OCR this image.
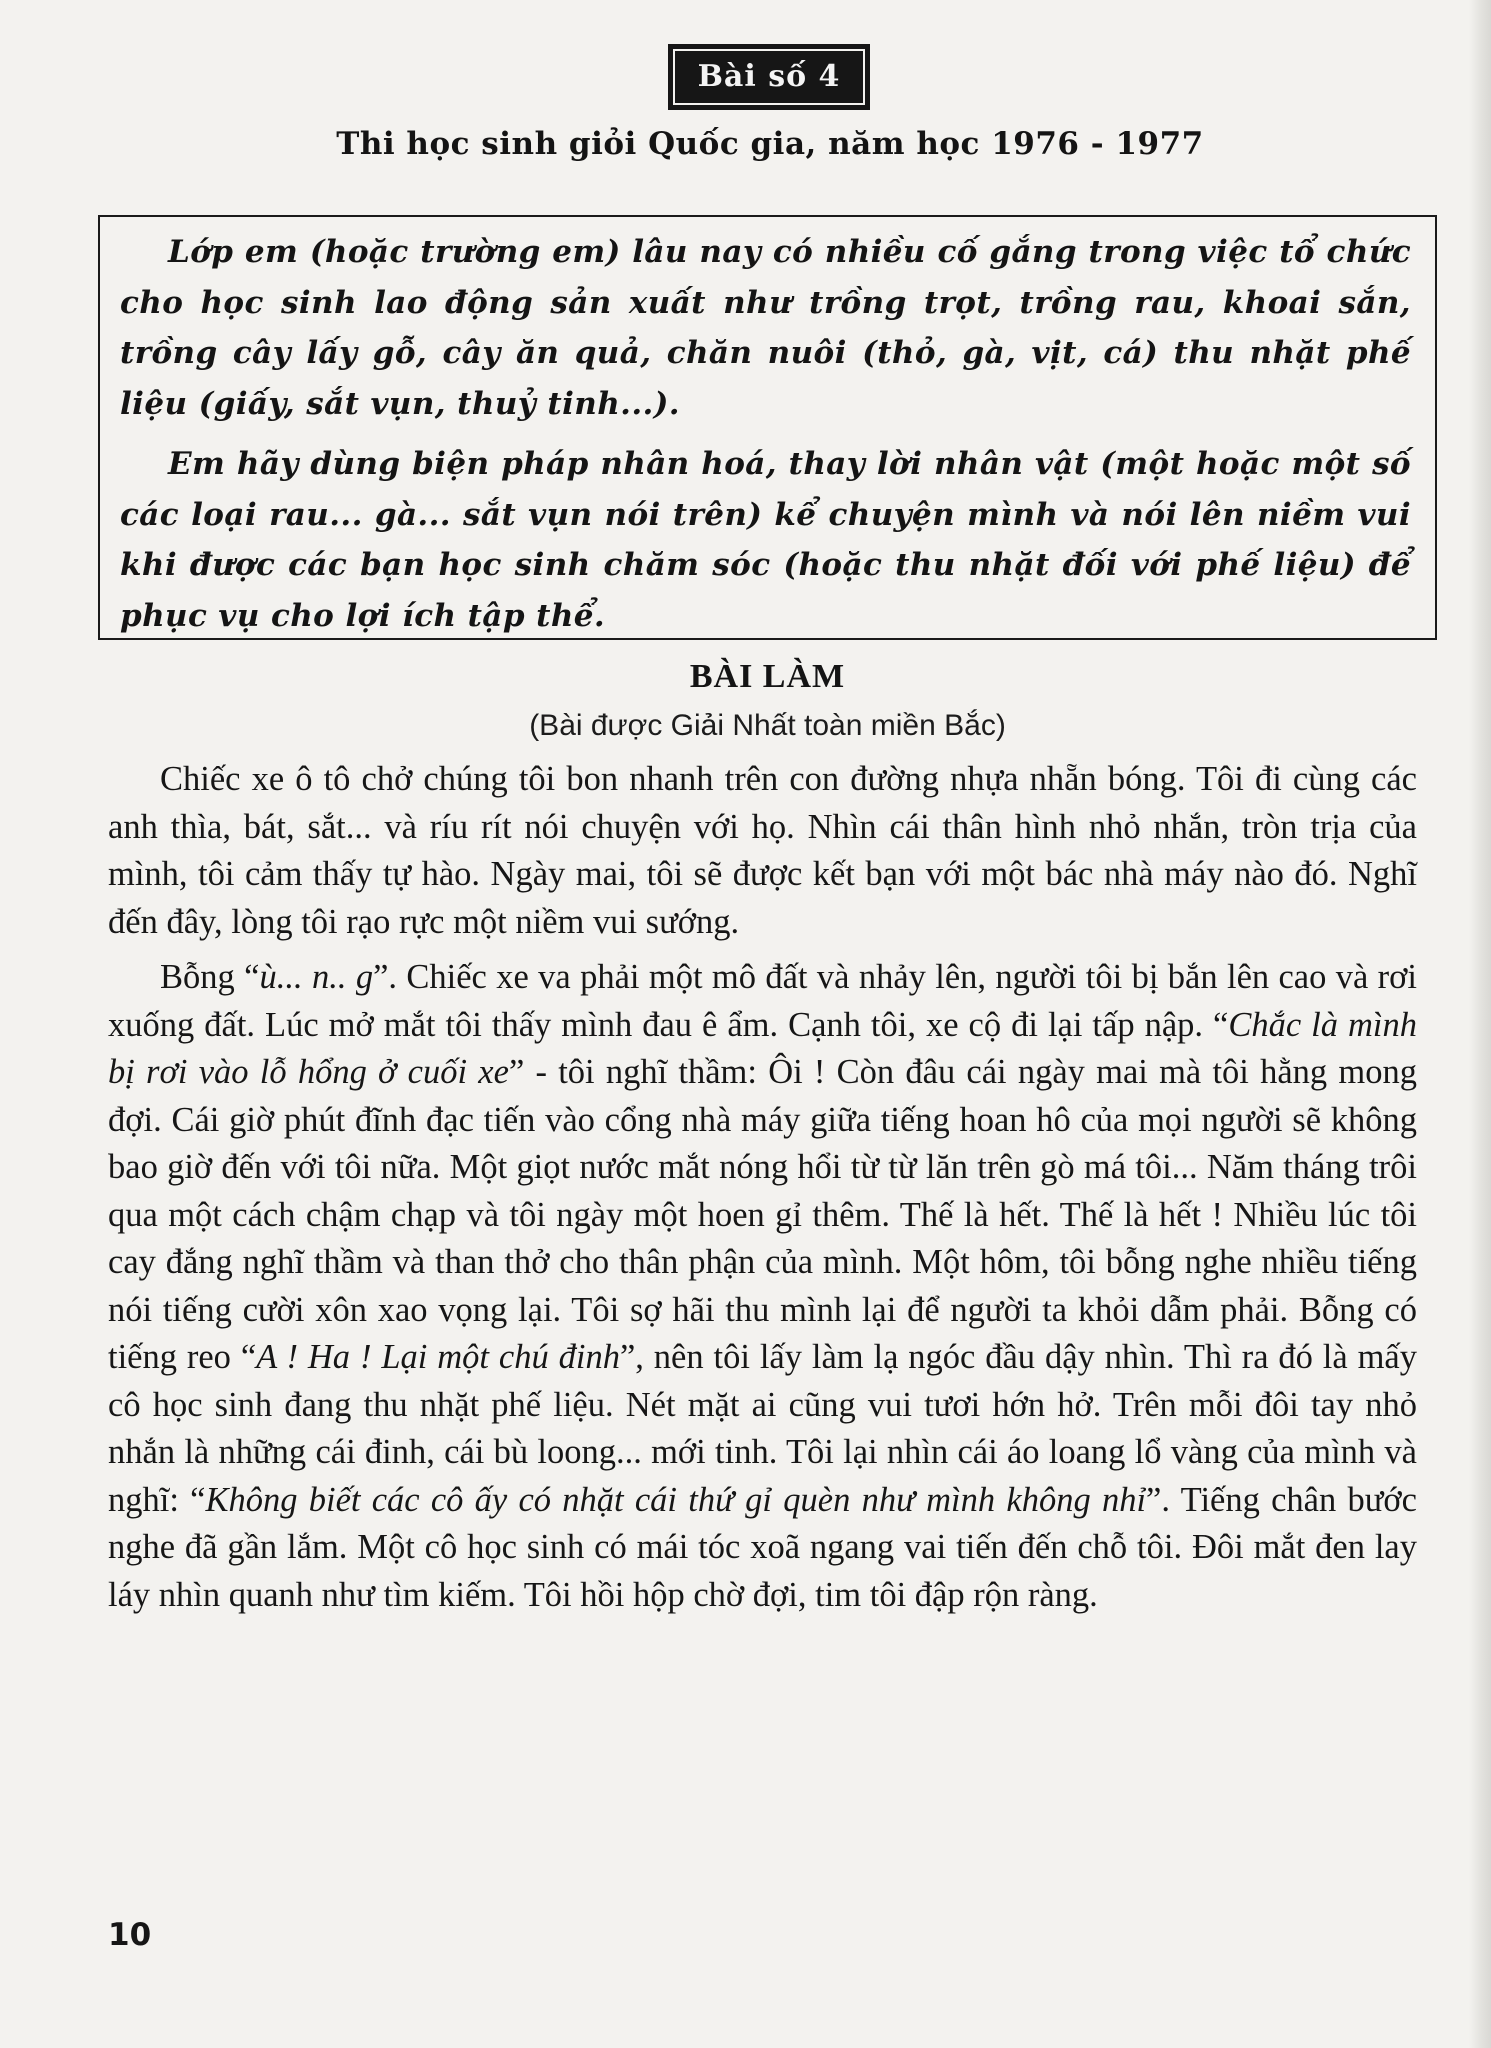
Bài số 4
Thi học sinh giỏi Quốc gia, năm học 1976 - 1977

Lớp em (hoặc trường em) lâu nay có nhiều cố gắng trong việc tổ chức cho học sinh lao động sản xuất như trồng trọt, trồng rau, khoai sắn, trồng cây lấy gỗ, cây ăn quả, chăn nuôi (thỏ, gà, vịt, cá) thu nhặt phế liệu (giấy, sắt vụn, thuỷ tinh...).

Em hãy dùng biện pháp nhân hoá, thay lời nhân vật (một hoặc một số các loại rau... gà... sắt vụn nói trên) kể chuyện mình và nói lên niềm vui khi được các bạn học sinh chăm sóc (hoặc thu nhặt đối với phế liệu) để phục vụ cho lợi ích tập thể.

BÀI LÀM
(Bài được Giải Nhất toàn miền Bắc)

Chiếc xe ô tô chở chúng tôi bon nhanh trên con đường nhựa nhẵn bóng. Tôi đi cùng các anh thìa, bát, sắt... và ríu rít nói chuyện với họ. Nhìn cái thân hình nhỏ nhắn, tròn trịa của mình, tôi cảm thấy tự hào. Ngày mai, tôi sẽ được kết bạn với một bác nhà máy nào đó. Nghĩ đến đây, lòng tôi rạo rực một niềm vui sướng.

Bỗng “ù... n.. g”. Chiếc xe va phải một mô đất và nhảy lên, người tôi bị bắn lên cao và rơi xuống đất. Lúc mở mắt tôi thấy mình đau ê ẩm. Cạnh tôi, xe cộ đi lại tấp nập. “Chắc là mình bị rơi vào lỗ hổng ở cuối xe” - tôi nghĩ thầm: Ôi ! Còn đâu cái ngày mai mà tôi hằng mong đợi. Cái giờ phút đĩnh đạc tiến vào cổng nhà máy giữa tiếng hoan hô của mọi người sẽ không bao giờ đến với tôi nữa. Một giọt nước mắt nóng hổi từ từ lăn trên gò má tôi... Năm tháng trôi qua một cách chậm chạp và tôi ngày một hoen gỉ thêm. Thế là hết. Thế là hết ! Nhiều lúc tôi cay đắng nghĩ thầm và than thở cho thân phận của mình. Một hôm, tôi bỗng nghe nhiều tiếng nói tiếng cười xôn xao vọng lại. Tôi sợ hãi thu mình lại để người ta khỏi dẫm phải. Bỗng có tiếng reo “A ! Ha ! Lại một chú đinh”, nên tôi lấy làm lạ ngóc đầu dậy nhìn. Thì ra đó là mấy cô học sinh đang thu nhặt phế liệu. Nét mặt ai cũng vui tươi hớn hở. Trên mỗi đôi tay nhỏ nhắn là những cái đinh, cái bù loong... mới tinh. Tôi lại nhìn cái áo loang lổ vàng của mình và nghĩ: “Không biết các cô ấy có nhặt cái thứ gỉ quèn như mình không nhỉ”. Tiếng chân bước nghe đã gần lắm. Một cô học sinh có mái tóc xoã ngang vai tiến đến chỗ tôi. Đôi mắt đen lay láy nhìn quanh như tìm kiếm. Tôi hồi hộp chờ đợi, tim tôi đập rộn ràng.

10
